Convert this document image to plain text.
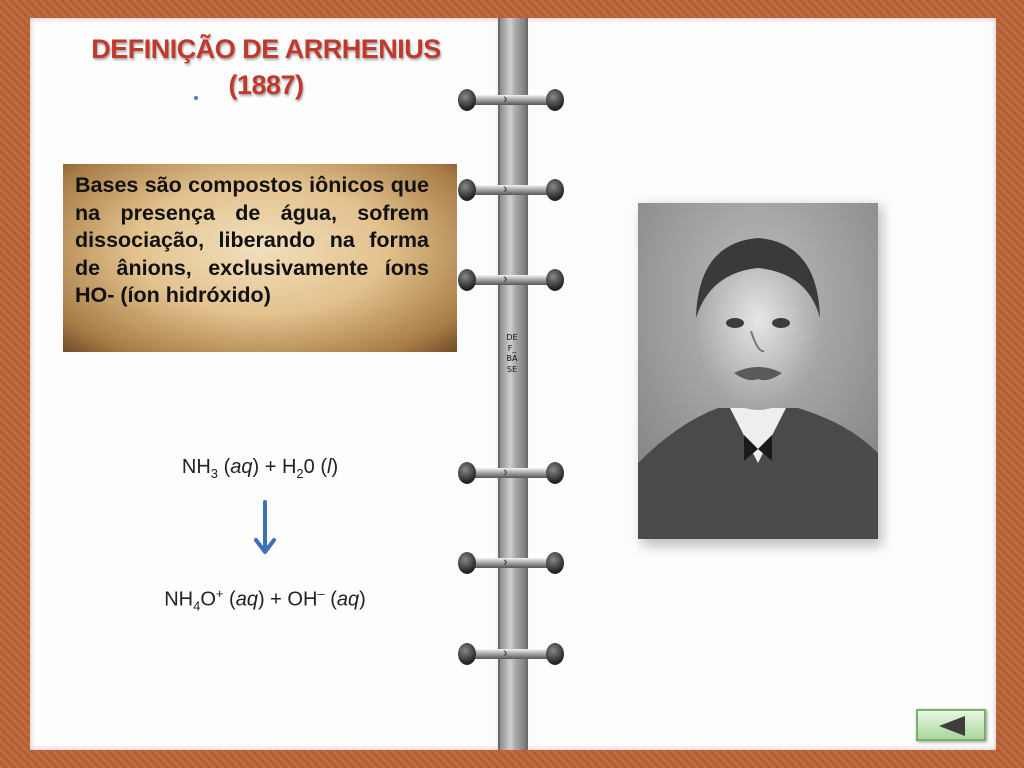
›
›
›
›
›
›
DEF_BASE
DEFINIÇÃO DE ARRHENIUS
(1887)

Bases são compostos iônicos que na presença de água, sofrem dissociação, liberando na forma de ânions, exclusivamente íons HO- (íon hidróxido)

$NH_3$ $(aq) + H_20$ (l)
$NH_4O^+$ (aq) + OH– (aq)
